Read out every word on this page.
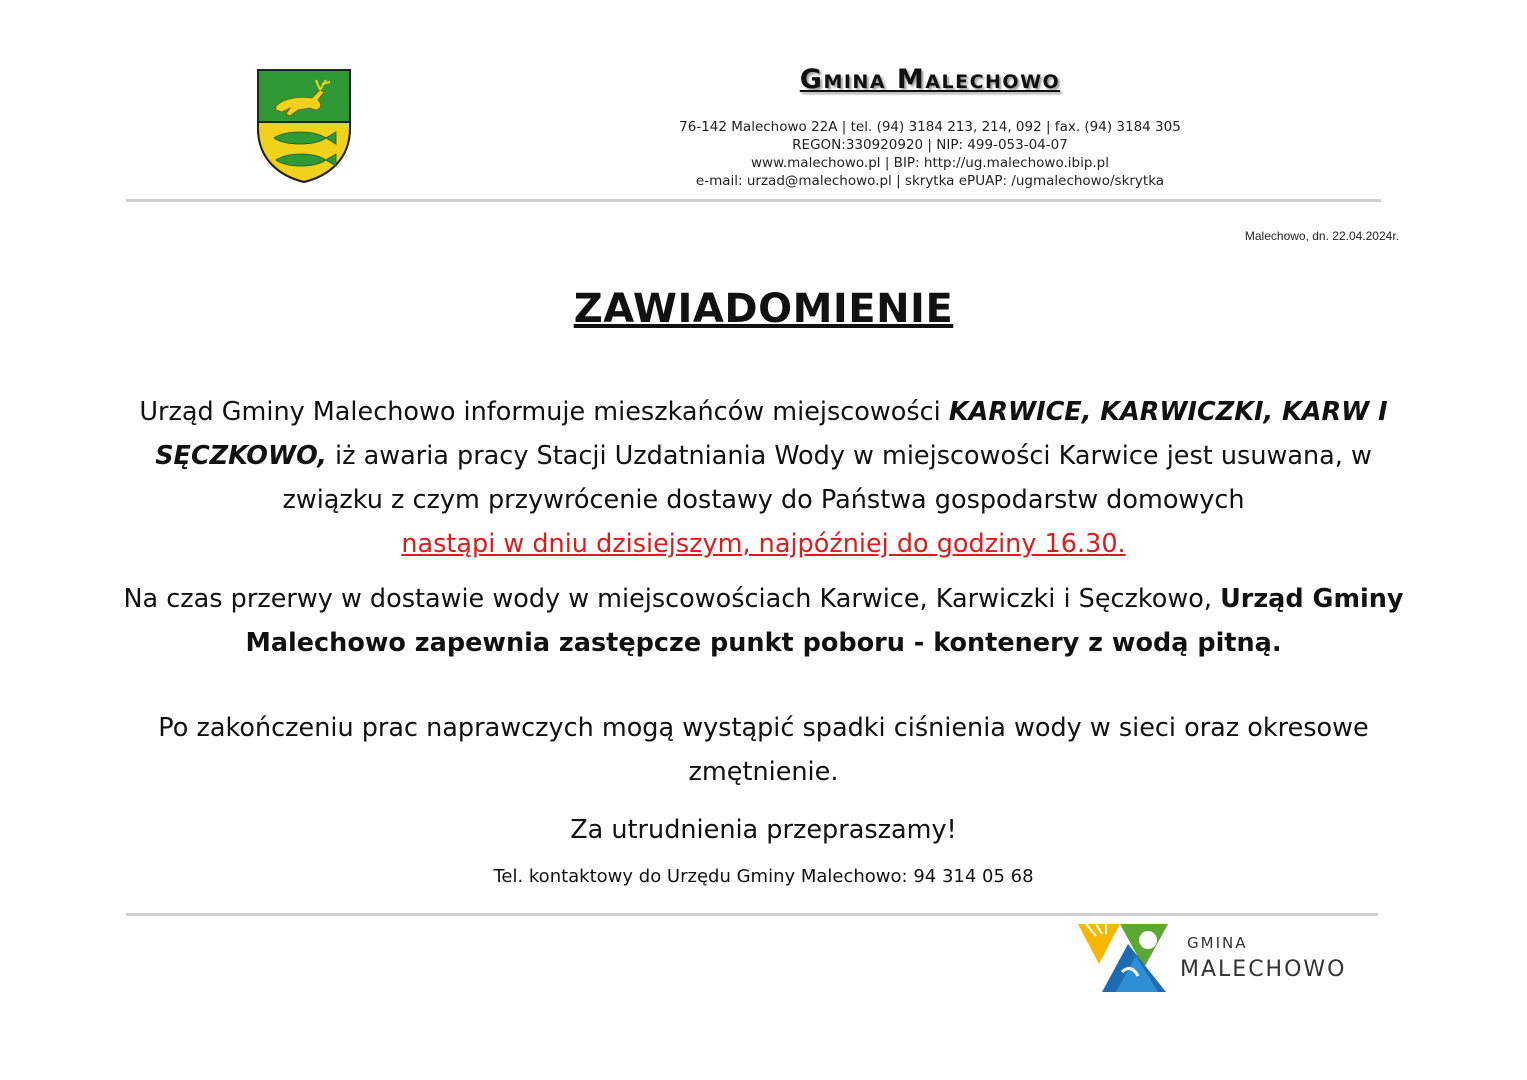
Gmina Malechowo
76-142 Malechowo 22A | tel. (94) 3184 213, 214, 092 | fax. (94) 3184 305
REGON:330920920 | NIP: 499-053-04-07
www.malechowo.pl | BIP: http://ug.malechowo.ibip.pl
e-mail: urzad@malechowo.pl | skrytka ePUAP: /ugmalechowo/skrytka
Malechowo, dn. 22.04.2024r.
ZAWIADOMIENIE
Urząd Gminy Malechowo informuje mieszkańców miejscowości KARWICE, KARWICZKI, KARW I SĘCZKOWO, iż awaria pracy Stacji Uzdatniania Wody w miejscowości Karwice jest usuwana, w związku z czym przywrócenie dostawy do Państwa gospodarstw domowych
nastąpi w dniu dzisiejszym, najpóźniej do godziny 16.30.
Na czas przerwy w dostawie wody w miejscowościach Karwice, Karwiczki i Sęczkowo, Urząd Gminy Malechowo zapewnia zastępcze punkt poboru - kontenery z wodą pitną.
Po zakończeniu prac naprawczych mogą wystąpić spadki ciśnienia wody w sieci oraz okresowe zmętnienie.
Za utrudnienia przepraszamy!
Tel. kontaktowy do Urzędu Gminy Malechowo: 94 314 05 68
GMINA
MALECHOWO
